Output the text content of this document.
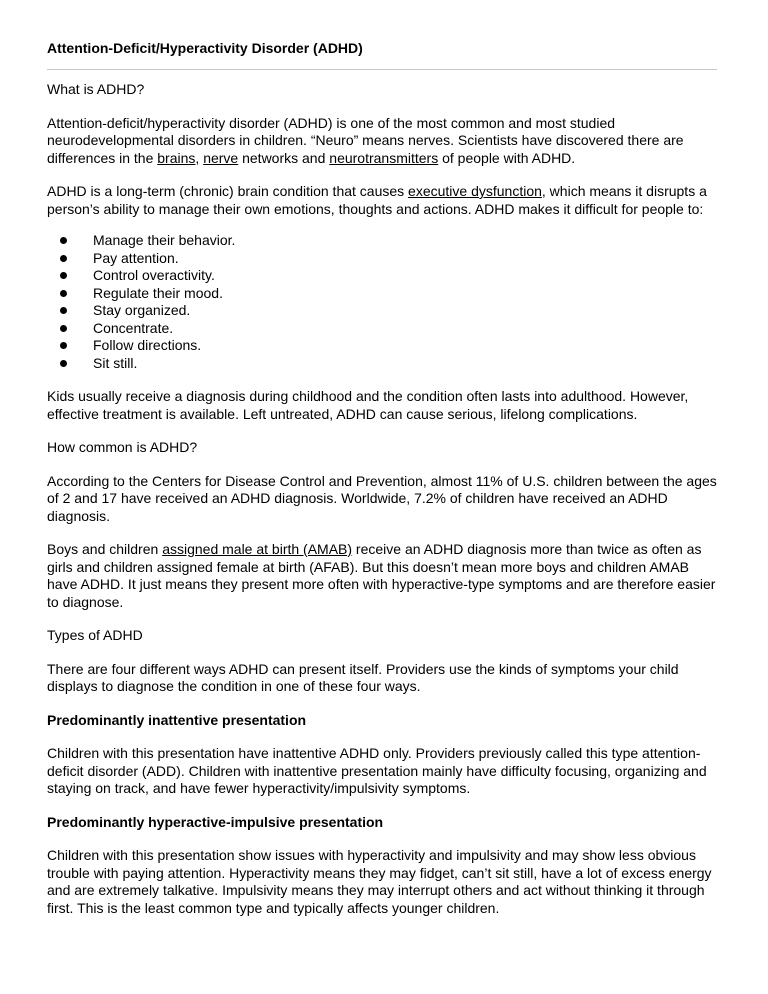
Attention-Deficit/Hyperactivity Disorder (ADHD)

What is ADHD?

Attention-deficit/hyperactivity disorder (ADHD) is one of the most common and most studied neurodevelopmental disorders in children. “Neuro” means nerves. Scientists have discovered there are differences in the brains, nerve networks and neurotransmitters of people with ADHD.

ADHD is a long-term (chronic) brain condition that causes executive dysfunction, which means it disrupts a person’s ability to manage their own emotions, thoughts and actions. ADHD makes it difficult for people to:

Manage their behavior.
Pay attention.
Control overactivity.
Regulate their mood.
Stay organized.
Concentrate.
Follow directions.
Sit still.

Kids usually receive a diagnosis during childhood and the condition often lasts into adulthood. However, effective treatment is available. Left untreated, ADHD can cause serious, lifelong complications.

How common is ADHD?

According to the Centers for Disease Control and Prevention, almost 11% of U.S. children between the ages of 2 and 17 have received an ADHD diagnosis. Worldwide, 7.2% of children have received an ADHD diagnosis.

Boys and children assigned male at birth (AMAB) receive an ADHD diagnosis more than twice as often as girls and children assigned female at birth (AFAB). But this doesn’t mean more boys and children AMAB have ADHD. It just means they present more often with hyperactive-type symptoms and are therefore easier to diagnose.

Types of ADHD

There are four different ways ADHD can present itself. Providers use the kinds of symptoms your child displays to diagnose the condition in one of these four ways.

Predominantly inattentive presentation

Children with this presentation have inattentive ADHD only. Providers previously called this type attention-deficit disorder (ADD). Children with inattentive presentation mainly have difficulty focusing, organizing and staying on track, and have fewer hyperactivity/impulsivity symptoms.

Predominantly hyperactive-impulsive presentation

Children with this presentation show issues with hyperactivity and impulsivity and may show less obvious trouble with paying attention. Hyperactivity means they may fidget, can’t sit still, have a lot of excess energy and are extremely talkative. Impulsivity means they may interrupt others and act without thinking it through first. This is the least common type and typically affects younger children.
